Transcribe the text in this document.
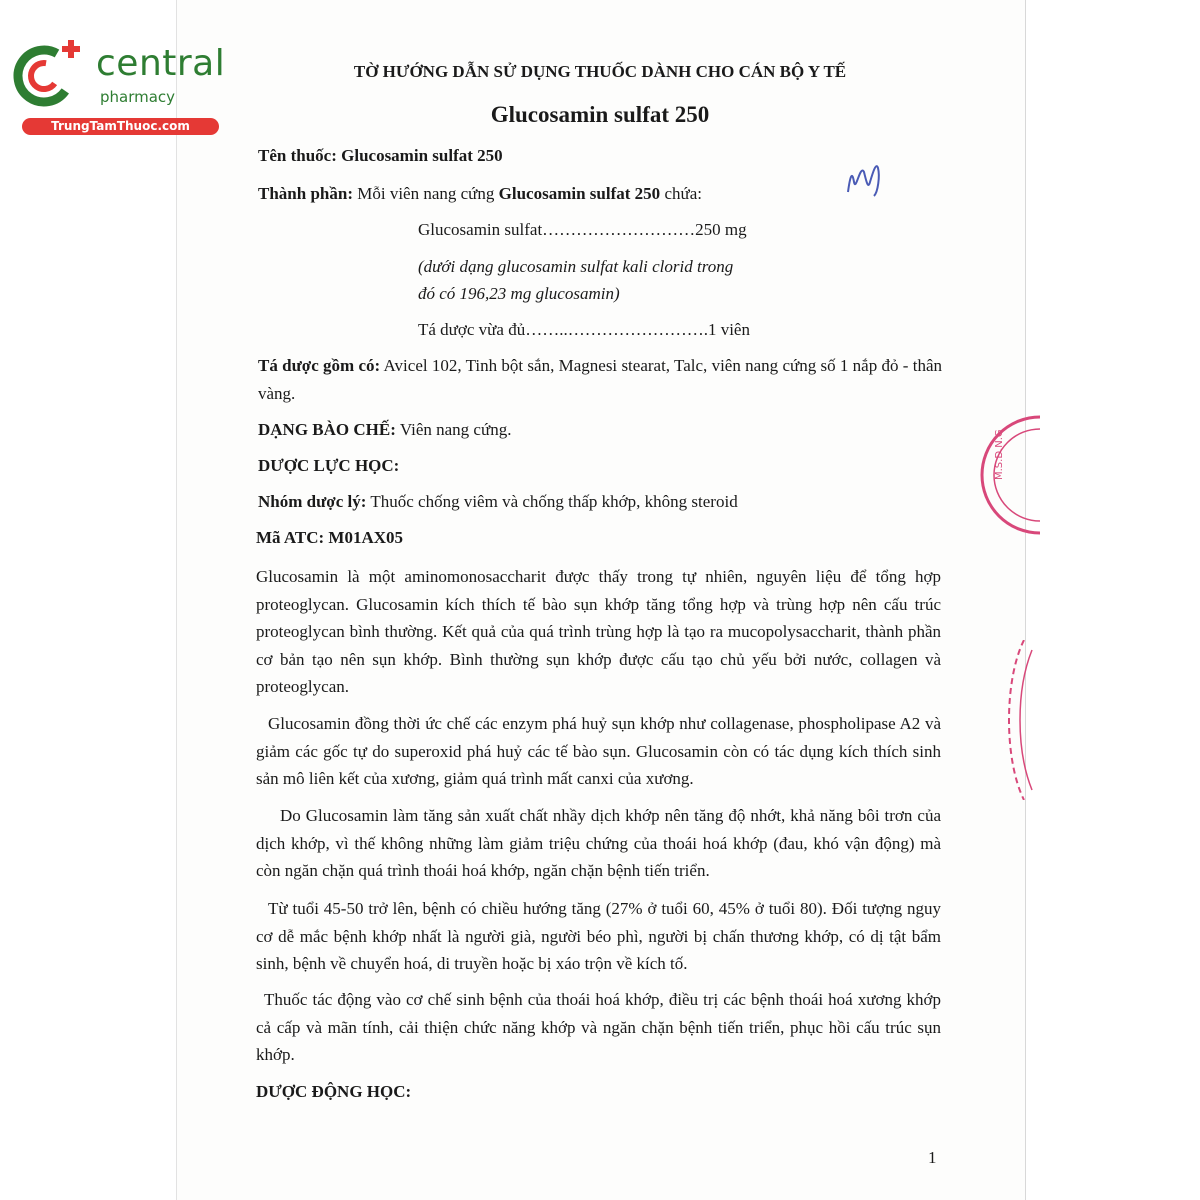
central
pharmacy
TrungTamThuoc.com
TỜ HƯỚNG DẪN SỬ DỤNG THUỐC DÀNH CHO CÁN BỘ Y TẾ
Glucosamin sulfat 250
Tên thuốc: Glucosamin sulfat 250
Thành phần: Mỗi viên nang cứng Glucosamin sulfat 250 chứa:
Glucosamin sulfat………………………250 mg
(dưới dạng glucosamin sulfat kali clorid trong
đó có 196,23 mg glucosamin)
Tá dược vừa đủ……..…………………….1 viên
Tá dược gồm có: Avicel 102, Tinh bột sắn, Magnesi stearat, Talc, viên nang cứng số 1 nắp đỏ - thân vàng.
DẠNG BÀO CHẾ: Viên nang cứng.
DƯỢC LỰC HỌC:
Nhóm dược lý: Thuốc chống viêm và chống thấp khớp, không steroid
Mã ATC: M01AX05
Glucosamin là một aminomonosaccharit được thấy trong tự nhiên, nguyên liệu để tổng hợp proteoglycan. Glucosamin kích thích tế bào sụn khớp tăng tổng hợp và trùng hợp nên cấu trúc proteoglycan bình thường. Kết quả của quá trình trùng hợp là tạo ra mucopolysaccharit, thành phần cơ bản tạo nên sụn khớp. Bình thường sụn khớp được cấu tạo chủ yếu bởi nước, collagen và proteoglycan.
Glucosamin đồng thời ức chế các enzym phá huỷ sụn khớp như collagenase, phospholipase A2 và giảm các gốc tự do superoxid phá huỷ các tế bào sụn. Glucosamin còn có tác dụng kích thích sinh sản mô liên kết của xương, giảm quá trình mất canxi của xương.
Do Glucosamin làm tăng sản xuất chất nhầy dịch khớp nên tăng độ nhớt, khả năng bôi trơn của dịch khớp, vì thế không những làm giảm triệu chứng của thoái hoá khớp (đau, khó vận động) mà còn ngăn chặn quá trình thoái hoá khớp, ngăn chặn bệnh tiến triển.
Từ tuổi 45-50 trở lên, bệnh có chiều hướng tăng (27% ở tuổi 60, 45% ở tuổi 80). Đối tượng nguy cơ dễ mắc bệnh khớp nhất là người già, người béo phì, người bị chấn thương khớp, có dị tật bẩm sinh, bệnh về chuyển hoá, di truyền hoặc bị xáo trộn về kích tố.
Thuốc tác động vào cơ chế sinh bệnh của thoái hoá khớp, điều trị các bệnh thoái hoá xương khớp cả cấp và mãn tính, cải thiện chức năng khớp và ngăn chặn bệnh tiến triển, phục hồi cấu trúc sụn khớp.
DƯỢC ĐỘNG HỌC:
1
M.S.D.N.G
